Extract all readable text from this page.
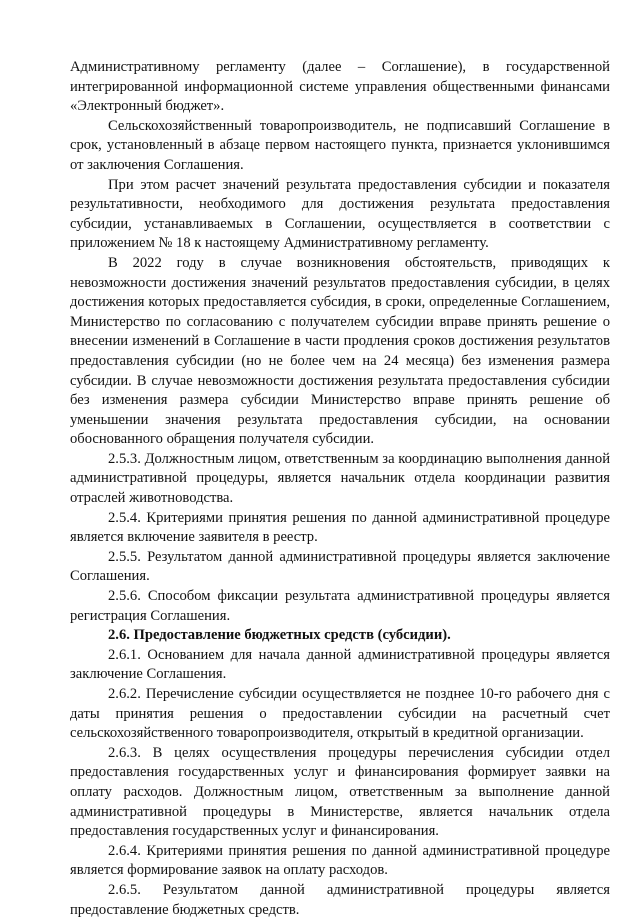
Административному регламенту (далее – Соглашение), в государственной интегрированной информационной системе управления общественными финансами «Электронный бюджет».

Сельскохозяйственный товаропроизводитель, не подписавший Соглашение в срок, установленный в абзаце первом настоящего пункта, признается уклонившимся от заключения Соглашения.

При этом расчет значений результата предоставления субсидии и показателя результативности, необходимого для достижения результата предоставления субсидии, устанавливаемых в Соглашении, осуществляется в соответствии с приложением № 18 к настоящему Административному регламенту.

В 2022 году в случае возникновения обстоятельств, приводящих к невозможности достижения значений результатов предоставления субсидии, в целях достижения которых предоставляется субсидия, в сроки, определенные Соглашением, Министерство по согласованию с получателем субсидии вправе принять решение о внесении изменений в Соглашение в части продления сроков достижения результатов предоставления субсидии (но не более чем на 24 месяца) без изменения размера субсидии. В случае невозможности достижения результата предоставления субсидии без изменения размера субсидии Министерство вправе принять решение об уменьшении значения результата предоставления субсидии, на основании обоснованного обращения получателя субсидии.

2.5.3. Должностным лицом, ответственным за координацию выполнения данной административной процедуры, является начальник отдела координации развития отраслей животноводства.

2.5.4. Критериями принятия решения по данной административной процедуре является включение заявителя в реестр.

2.5.5. Результатом данной административной процедуры является заключение Соглашения.

2.5.6. Способом фиксации результата административной процедуры является регистрация Соглашения.

2.6. Предоставление бюджетных средств (субсидии).

2.6.1. Основанием для начала данной административной процедуры является заключение Соглашения.

2.6.2. Перечисление субсидии осуществляется не позднее 10-го рабочего дня с даты принятия решения о предоставлении субсидии на расчетный счет сельскохозяйственного товаропроизводителя, открытый в кредитной организации.

2.6.3. В целях осуществления процедуры перечисления субсидии отдел предоставления государственных услуг и финансирования формирует заявки на оплату расходов. Должностным лицом, ответственным за выполнение данной административной процедуры в Министерстве, является начальник отдела предоставления государственных услуг и финансирования.

2.6.4. Критериями принятия решения по данной административной процедуре является формирование заявок на оплату расходов.

2.6.5. Результатом данной административной процедуры является предоставление бюджетных средств.
